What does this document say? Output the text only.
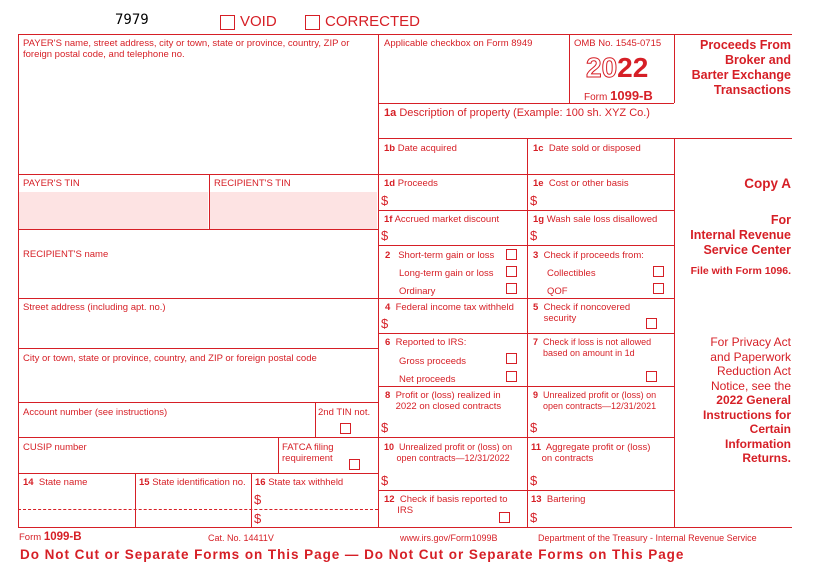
7979	VOID	CORRECTED
PAYER'S name, street address, city or town, state or province, country, ZIP or foreign postal code, and telephone no.
PAYER'S TIN	RECIPIENT'S TIN
RECIPIENT'S name
Street address (including apt. no.)
City or town, state or province, country, and ZIP or foreign postal code
Account number (see instructions)	2nd TIN not.
CUSIP number	FATCA filing
requirement
14 State name	15 State identification no. 16 State tax withheld
$
$
Applicable checkbox on Form 8949	OMB No. 1545-0715
2022
Form 1099-B
Proceeds From
Broker and
Barter Exchange
Transactions
1a Description of property (Example: 100 sh. XYZ Co.)
1b Date acquired	1c Date sold or disposed
1d Proceeds
$
1e Cost or other basis
$
1f Accrued market discount
$
1g Wash sale loss disallowed
$
2 Short-term gain or loss
Long-term gain or loss
Ordinary
3 Check if proceeds from:
Collectibles
QOF
4 Federal income tax withheld
$
5 Check if noncovered
security
6 Reported to IRS:
Gross proceeds
Net proceeds
7 Check if loss is not allowed
based on amount in 1d
8 Profit or (loss) realized in
2022 on closed contracts
$
9 Unrealized profit or (loss) on
open contracts—12/31/2021
$
10 Unrealized profit or (loss) on
open contracts—12/31/2022
$
11 Aggregate profit or (loss)
on contracts
$
12 Check if basis reported to
IRS
13 Bartering
$
Copy A
For
Internal Revenue
Service Center
File with Form 1096.
For Privacy Act
and Paperwork
Reduction Act
Notice, see the
2022 General
Instructions for
Certain
Information
Returns.
Form 1099-B	Cat. No. 14411V	www.irs.gov/Form1099B	Department of the Treasury - Internal Revenue Service
Do Not Cut or Separate Forms on This Page — Do Not Cut or Separate Forms on This Page
